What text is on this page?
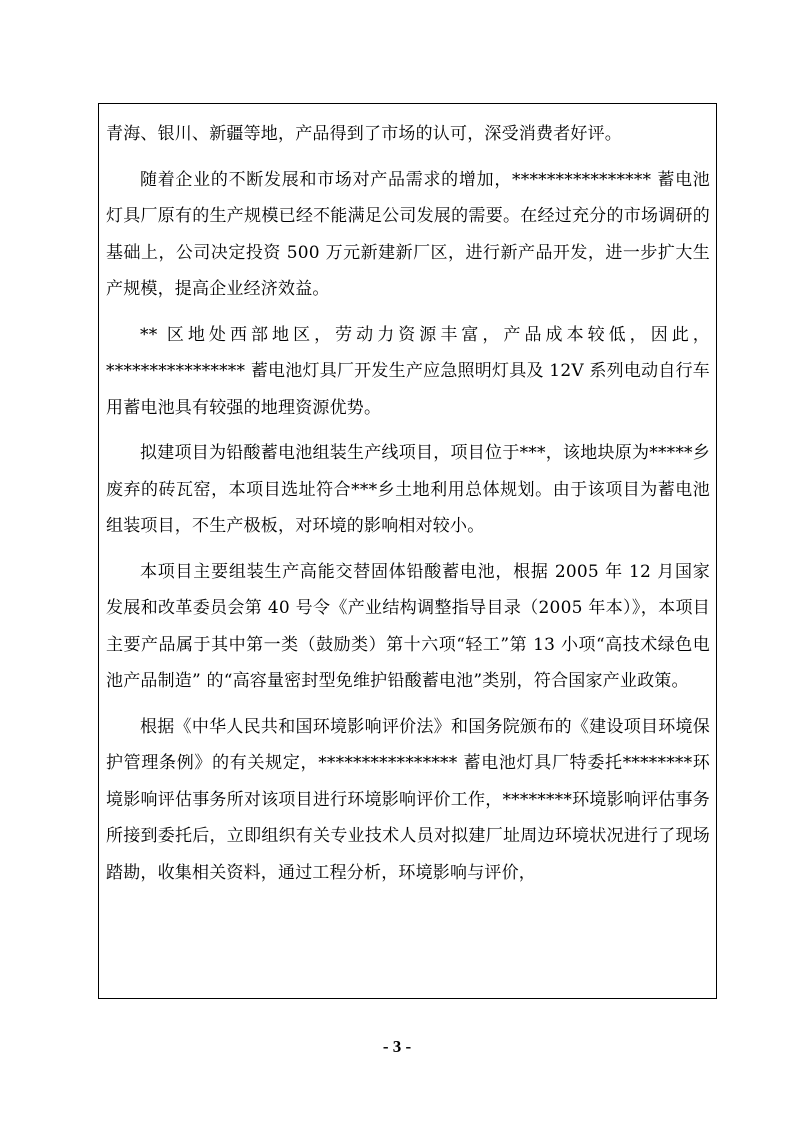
青海、银川、新疆等地，产品得到了市场的认可，深受消费者好评。

随着企业的不断发展和市场对产品需求的增加，**************** 蓄电池灯具厂原有的生产规模已经不能满足公司发展的需要。在经过充分的市场调研的基础上，公司决定投资 500 万元新建新厂区，进行新产品开发，进一步扩大生产规模，提高企业经济效益。

** 区地处西部地区，劳动力资源丰富，产品成本较低，因此，**************** 蓄电池灯具厂开发生产应急照明灯具及 12V 系列电动自行车用蓄电池具有较强的地理资源优势。

拟建项目为铅酸蓄电池组装生产线项目，项目位于***，该地块原为*****乡废弃的砖瓦窑，本项目选址符合***乡土地利用总体规划。由于该项目为蓄电池组装项目，不生产极板，对环境的影响相对较小。

本项目主要组装生产高能交替固体铅酸蓄电池，根据 2005 年 12 月国家发展和改革委员会第 40 号令《产业结构调整指导目录（2005 年本）》，本项目主要产品属于其中第一类（鼓励类）第十六项“轻工”第 13 小项“高技术绿色电池产品制造” 的“高容量密封型免维护铅酸蓄电池”类别，符合国家产业政策。

根据《中华人民共和国环境影响评价法》和国务院颁布的《建设项目环境保护管理条例》的有关规定，**************** 蓄电池灯具厂特委托********环境影响评估事务所对该项目进行环境影响评价工作，********环境影响评估事务所接到委托后，立即组织有关专业技术人员对拟建厂址周边环境状况进行了现场踏勘，收集相关资料，通过工程分析，环境影响与评价，

- 3 -
